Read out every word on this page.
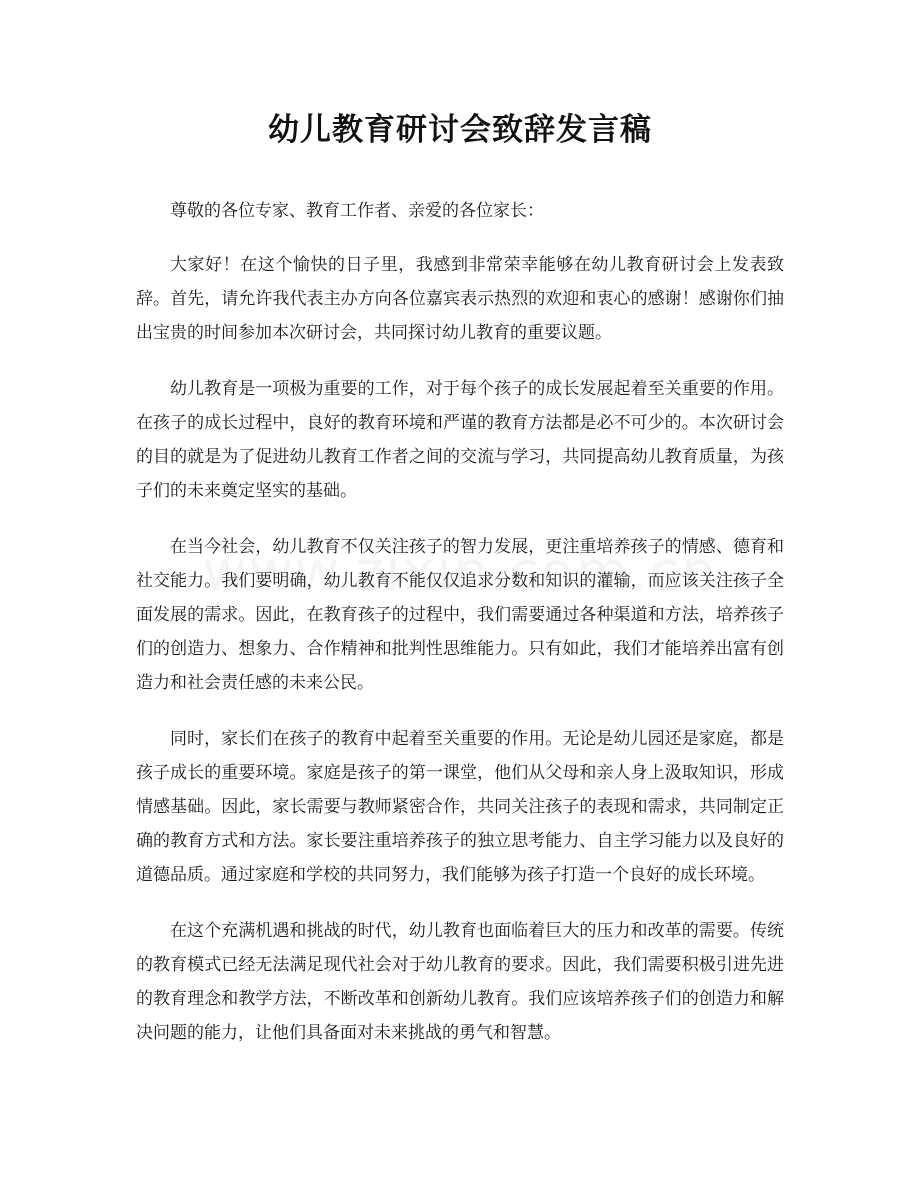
幼儿教育研讨会致辞发言稿

尊敬的各位专家、教育工作者、亲爱的各位家长：

大家好！在这个愉快的日子里，我感到非常荣幸能够在幼儿教育研讨会上发表致辞。首先，请允许我代表主办方向各位嘉宾表示热烈的欢迎和衷心的感谢！感谢你们抽出宝贵的时间参加本次研讨会，共同探讨幼儿教育的重要议题。

幼儿教育是一项极为重要的工作，对于每个孩子的成长发展起着至关重要的作用。在孩子的成长过程中，良好的教育环境和严谨的教育方法都是必不可少的。本次研讨会的目的就是为了促进幼儿教育工作者之间的交流与学习，共同提高幼儿教育质量，为孩子们的未来奠定坚实的基础。

在当今社会，幼儿教育不仅关注孩子的智力发展，更注重培养孩子的情感、德育和社交能力。我们要明确，幼儿教育不能仅仅追求分数和知识的灌输，而应该关注孩子全面发展的需求。因此，在教育孩子的过程中，我们需要通过各种渠道和方法，培养孩子们的创造力、想象力、合作精神和批判性思维能力。只有如此，我们才能培养出富有创造力和社会责任感的未来公民。

同时，家长们在孩子的教育中起着至关重要的作用。无论是幼儿园还是家庭，都是孩子成长的重要环境。家庭是孩子的第一课堂，他们从父母和亲人身上汲取知识，形成情感基础。因此，家长需要与教师紧密合作，共同关注孩子的表现和需求，共同制定正确的教育方式和方法。家长要注重培养孩子的独立思考能力、自主学习能力以及良好的道德品质。通过家庭和学校的共同努力，我们能够为孩子打造一个良好的成长环境。

在这个充满机遇和挑战的时代，幼儿教育也面临着巨大的压力和改革的需要。传统的教育模式已经无法满足现代社会对于幼儿教育的要求。因此，我们需要积极引进先进的教育理念和教学方法，不断改革和创新幼儿教育。我们应该培养孩子们的创造力和解决问题的能力，让他们具备面对未来挑战的勇气和智慧。
